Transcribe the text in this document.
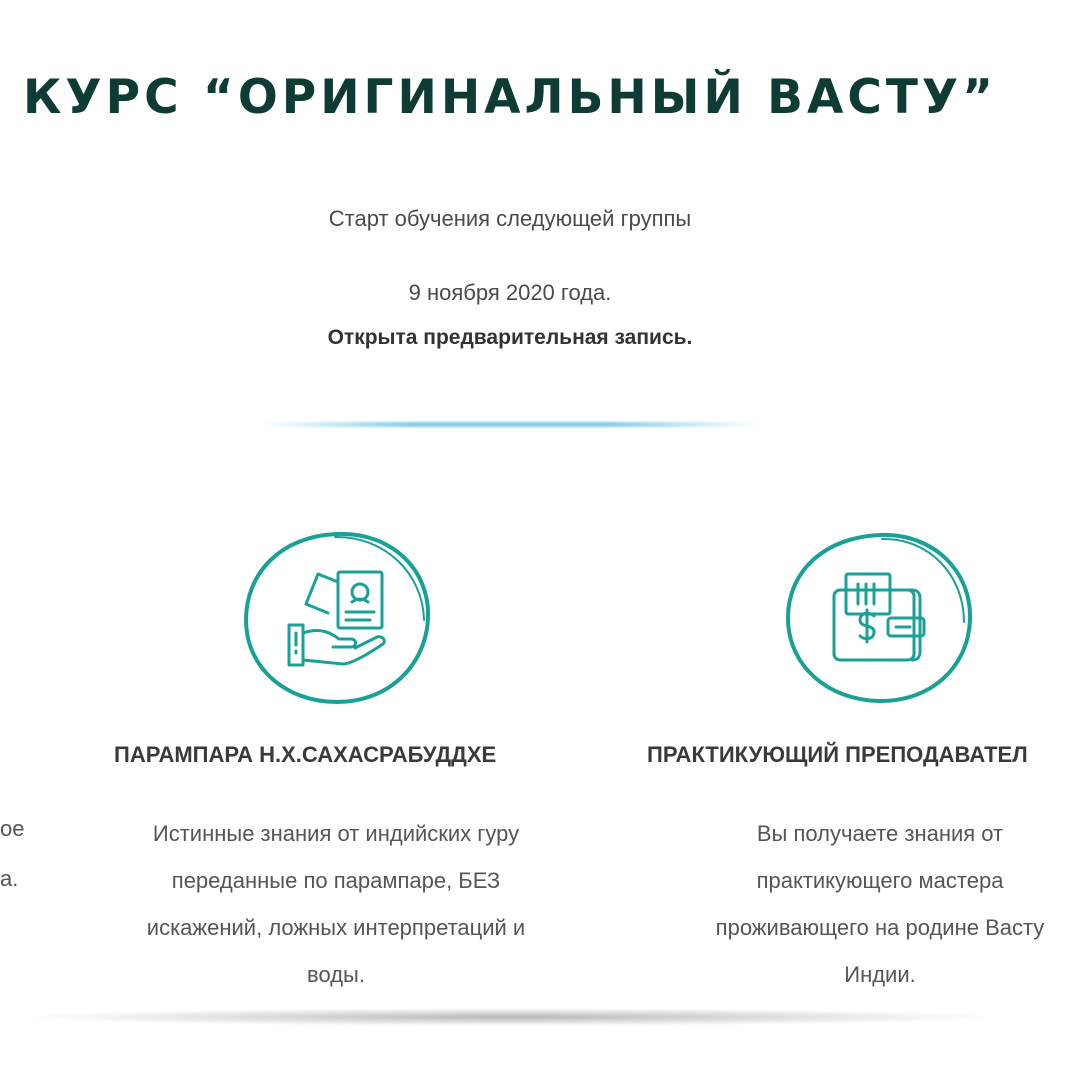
КУРС “ОРИГИНАЛЬНЫЙ ВАСТУ”

Старт обучения следующей группы

9 ноября 2020 года.

Открыта предварительная запись.

ое

а.

ПАРАМПАРА Н.Х.САХАСРАБУДДХЕ
Истинные знания от индийских гуру
переданные по парампаре, БЕЗ
искажений, ложных интерпретаций и
воды.
ПРАКТИКУЮЩИЙ ПРЕПОДАВАТЕЛ
Вы получаете знания от
практикующего мастера
проживающего на родине Васту
Индии.
